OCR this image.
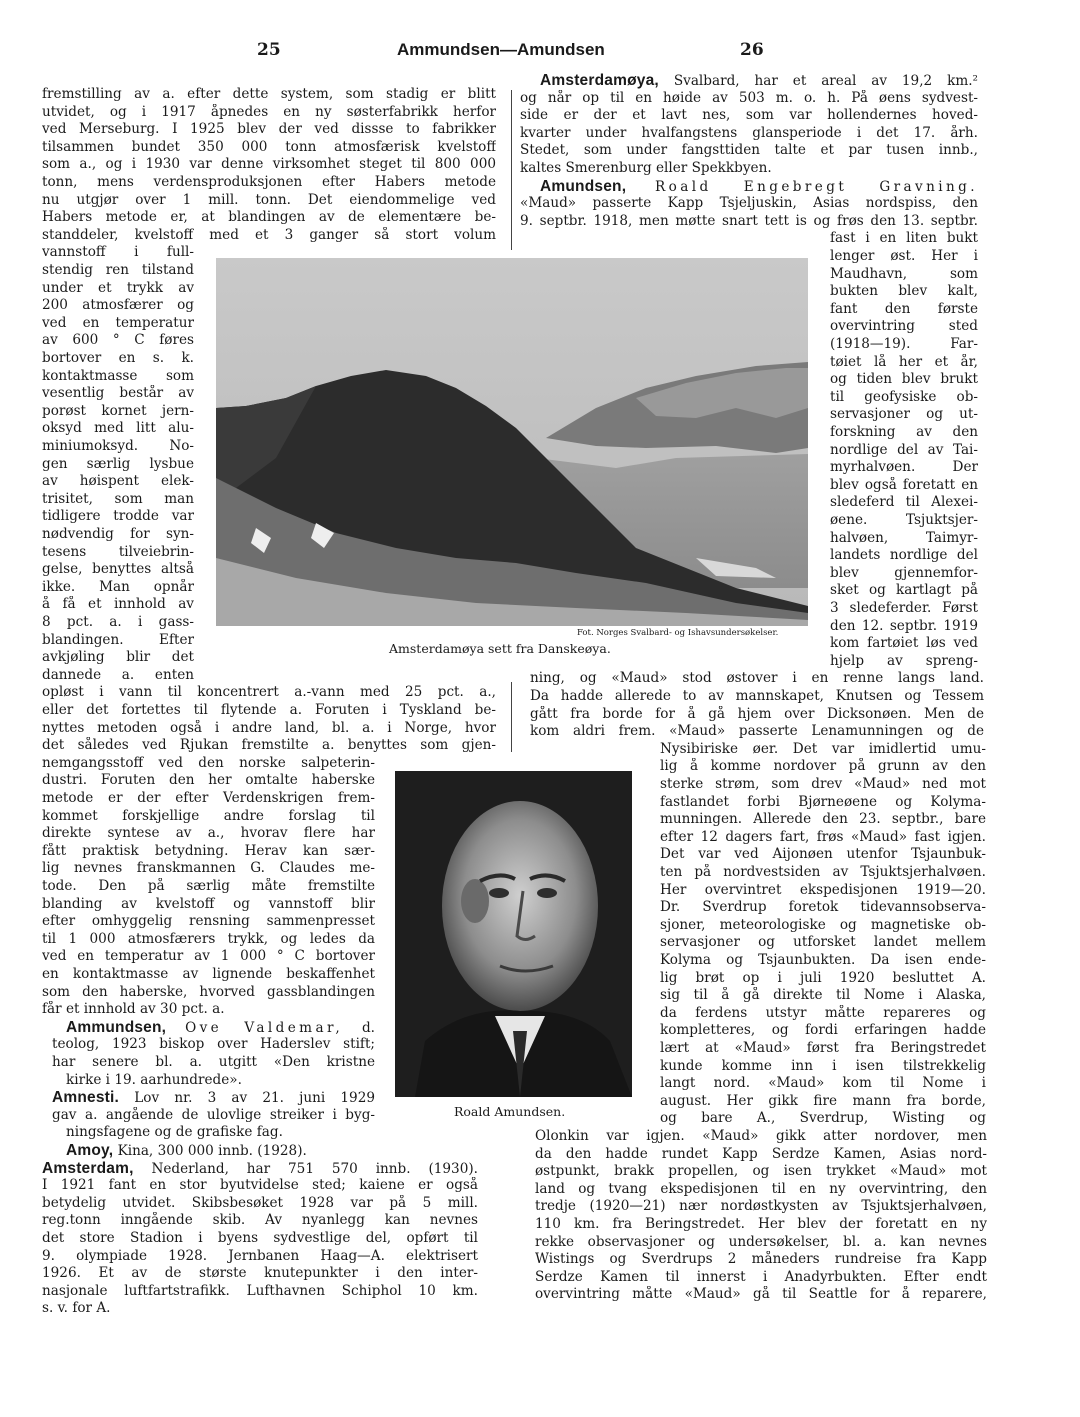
25	Ammundsen—Amundsen	26
Fot. Norges Svalbard- og Ishavsundersøkelser.
Amsterdamøya sett fra Danskeøya.
Roald Amundsen.
fremstilling av a. efter dette system, som stadig er blitt
utvidet, og i 1917 åpnedes en ny søsterfabrikk herfor
ved Merseburg. I 1925 blev der ved dissse to fabrikker
tilsammen bundet 350 000 tonn atmosfærisk kvelstoff
som a., og i 1930 var denne virksomhet steget til 800 000
tonn, mens verdensproduksjonen efter Habers metode
nu utgjør over 1 mill. tonn. Det eiendommelige ved
Habers metode er, at blandingen av de elementære be-
standdeler, kvelstoff med et 3 ganger så stort volum
vannstoff i full-
stendig ren tilstand
under et trykk av
200 atmosfærer og
ved en temperatur
av 600 ° C føres
bortover en s. k.
kontaktmasse som
vesentlig består av
porøst kornet jern-
oksyd med litt alu-
miniumoksyd. No-
gen særlig lysbue
av høispent elek-
trisitet, som man
tidligere trodde var
nødvendig for syn-
tesens tilveiebrin-
gelse, benyttes altså
ikke. Man opnår
å få et innhold av
8 pct. a. i gass-
blandingen. Efter
avkjøling blir det
dannede a. enten
opløst i vann til koncentrert a.-vann med 25 pct. a.,
eller det fortettes til flytende a. Foruten i Tyskland be-
nyttes metoden også i andre land, bl. a. i Norge, hvor
det således ved Rjukan fremstilte a. benyttes som gjen-
nemgangsstoff ved den norske salpeterin-
dustri. Foruten den her omtalte haberske
metode er der efter Verdenskrigen frem-
kommet forskjellige andre forslag til
direkte syntese av a., hvorav flere har
fått praktisk betydning. Herav kan sær-
lig nevnes franskmannen G. Claudes me-
tode. Den på særlig måte fremstilte
blanding av kvelstoff og vannstoff blir
efter omhyggelig rensning sammenpresset
til 1 000 atmosfærers trykk, og ledes da
ved en temperatur av 1 000 ° C bortover
en kontaktmasse av lignende beskaffenhet
som den haberske, hvorved gassblandingen
får et innhold av 30 pct. a.
Ammundsen, Ove Valdemar, d.
teolog, 1923 biskop over Haderslev stift;
har senere bl. a. utgitt «Den kristne
kirke i 19. aarhundrede».
Amnesti. Lov nr. 3 av 21. juni 1929
gav a. angående de ulovlige streiker i byg-
ningsfagene og de grafiske fag.
Amoy, Kina, 300 000 innb. (1928).
Amsterdam, Nederland, har 751 570 innb. (1930).
I 1921 fant en stor byutvidelse sted; kaiene er også
betydelig utvidet. Skibsbesøket 1928 var på 5 mill.
reg.tonn inngående skib. Av nyanlegg kan nevnes
det store Stadion i byens sydvestlige del, opført til
9. olympiade 1928. Jernbanen Haag—A. elektrisert
1926. Et av de største knutepunkter i den inter-
nasjonale luftfartstrafikk. Lufthavnen Schiphol 10 km.
s. v. for A.
Amsterdamøya, Svalbard, har et areal av 19,2 km.²
og når op til en høide av 503 m. o. h. På øens sydvest-
side er der et lavt nes, som var hollendernes hoved-
kvarter under hvalfangstens glansperiode i det 17. årh.
Stedet, som under fangsttiden talte et par tusen innb.,
kaltes Smerenburg eller Spekkbyen.
Amundsen, Roald Engebregt Gravning.
«Maud» passerte Kapp Tsjeljuskin, Asias nordspiss, den
9. septbr. 1918, men møtte snart tett is og frøs den 13. septbr.
fast i en liten bukt
lenger øst. Her i
Maudhavn, som
bukten blev kalt,
fant den første
overvintring sted
(1918—19). Far-
tøiet lå her et år,
og tiden blev brukt
til geofysiske ob-
servasjoner og ut-
forskning av den
nordlige del av Tai-
myrhalvøen. Der
blev også foretatt en
sledeferd til Alexei-
øene. Tsjuktsjer-
halvøen, Taimyr-
landets nordlige del
blev gjennemfor-
sket og kartlagt på
3 sledeferder. Først
den 12. septbr. 1919
kom fartøiet løs ved
hjelp av spreng-
ning, og «Maud» stod østover i en renne langs land.
Da hadde allerede to av mannskapet, Knutsen og Tessem
gått fra borde for å gå hjem over Dicksonøen. Men de
kom aldri frem. «Maud» passerte Lenamunningen og de
Nysibiriske øer. Det var imidlertid umu-
lig å komme nordover på grunn av den
sterke strøm, som drev «Maud» ned mot
fastlandet forbi Bjørneøene og Kolyma-
munningen. Allerede den 23. septbr., bare
efter 12 dagers fart, frøs «Maud» fast igjen.
Det var ved Aijonøen utenfor Tsjaunbuk-
ten på nordvestsiden av Tsjuktsjerhalvøen.
Her overvintret ekspedisjonen 1919—20.
Dr. Sverdrup foretok tidevannsobserva-
sjoner, meteorologiske og magnetiske ob-
servasjoner og utforsket landet mellem
Kolyma og Tsjaunbukten. Da isen ende-
lig brøt op i juli 1920 besluttet A.
sig til å gå direkte til Nome i Alaska,
da ferdens utstyr måtte repareres og
kompletteres, og fordi erfaringen hadde
lært at «Maud» først fra Beringstredet
kunde komme inn i isen tilstrekkelig
langt nord. «Maud» kom til Nome i
august. Her gikk fire mann fra borde,
og bare A., Sverdrup, Wisting og
Olonkin var igjen. «Maud» gikk atter nordover, men
da den hadde rundet Kapp Serdze Kamen, Asias nord-
østpunkt, brakk propellen, og isen trykket «Maud» mot
land og tvang ekspedisjonen til en ny overvintring, den
tredje (1920—21) nær nordøstkysten av Tsjuktsjerhalvøen,
110 km. fra Beringstredet. Her blev der foretatt en ny
rekke observasjoner og undersøkelser, bl. a. kan nevnes
Wistings og Sverdrups 2 måneders rundreise fra Kapp
Serdze Kamen til innerst i Anadyrbukten. Efter endt
overvintring måtte «Maud» gå til Seattle for å reparere,
